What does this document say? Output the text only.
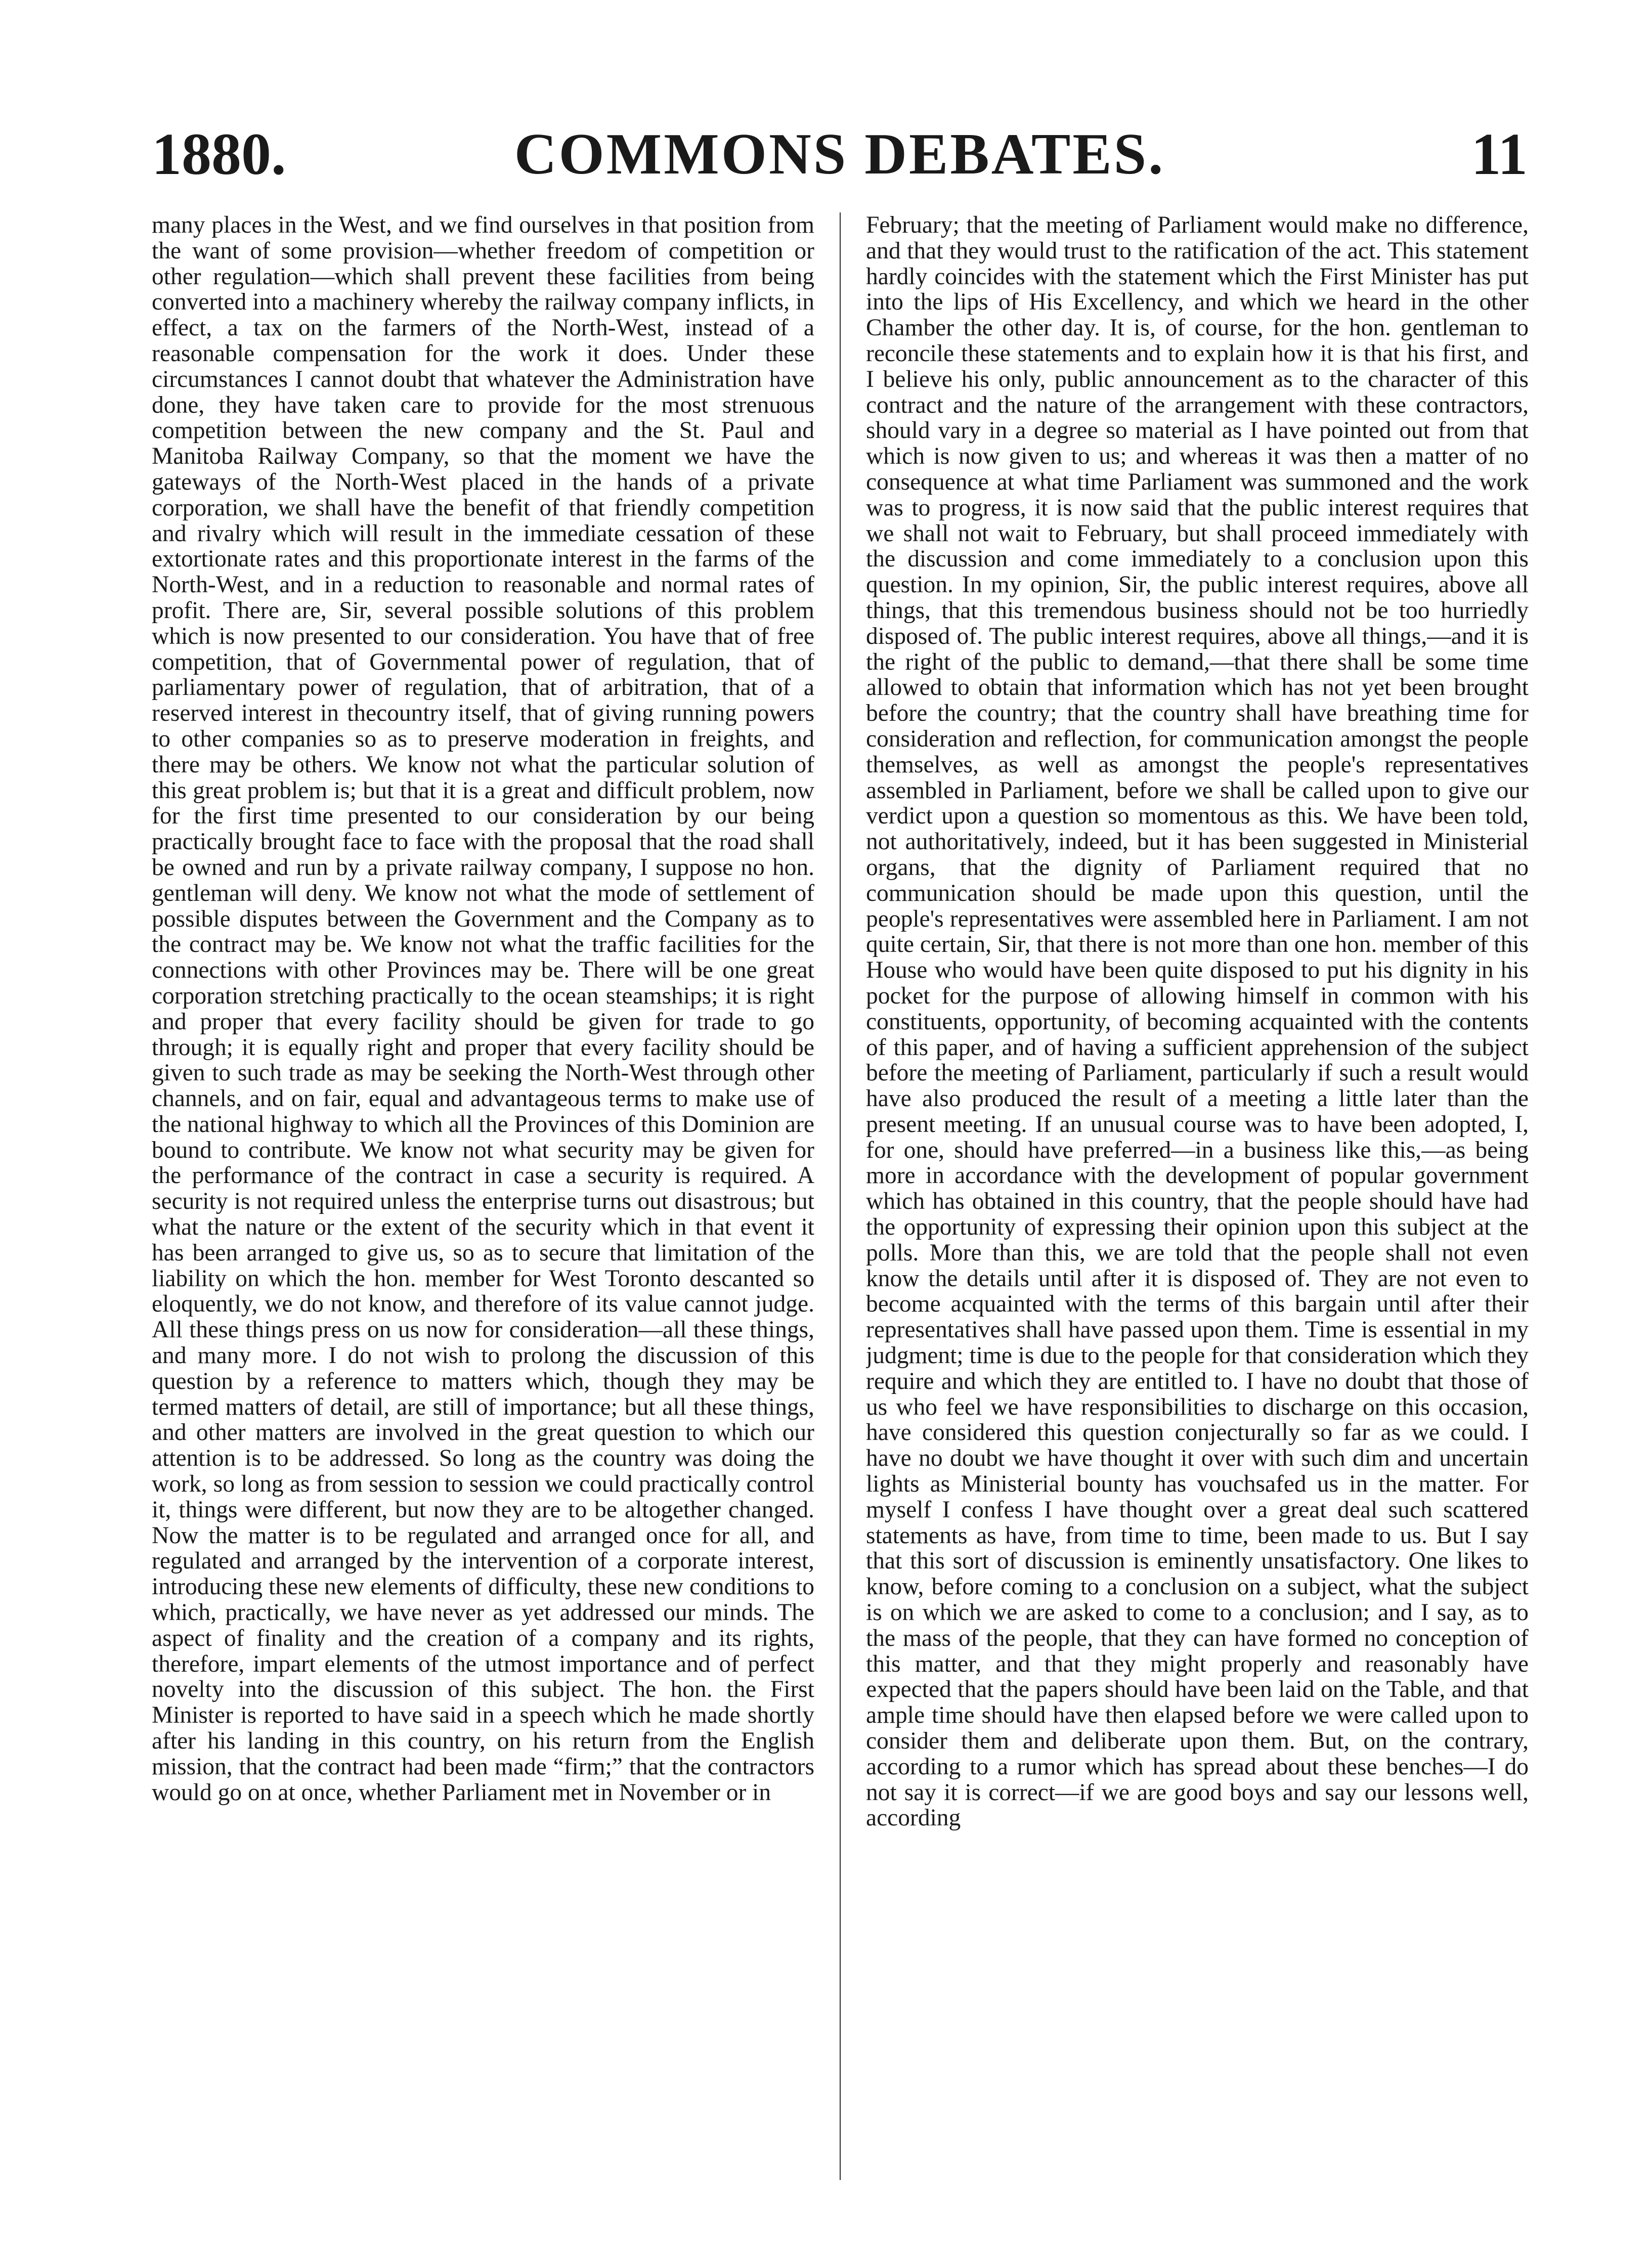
1880.	COMMONS DEBATES.	11

many places in the West, and we find ourselves in that position from the want of some provision—whether freedom of competition or other regulation—which shall prevent these facilities from being converted into a machinery whereby the railway company inflicts, in effect, a tax on the farmers of the North-West, instead of a reasonable compensation for the work it does. Under these circumstances I cannot doubt that whatever the Administration have done, they have taken care to provide for the most strenuous competition between the new company and the St. Paul and Manitoba Railway Company, so that the moment we have the gateways of the North-West placed in the hands of a private corporation, we shall have the benefit of that friendly competition and rivalry which will result in the immediate cessation of these extortionate rates and this proportionate interest in the farms of the North-West, and in a reduction to reasonable and normal rates of profit. There are, Sir, several possible solutions of this problem which is now presented to our consideration. You have that of free competition, that of Governmental power of regulation, that of parliamentary power of regulation, that of arbitration, that of a reserved interest in thecountry itself, that of giving running powers to other companies so as to preserve moderation in freights, and there may be others. We know not what the particular solution of this great problem is; but that it is a great and difficult problem, now for the first time presented to our consideration by our being practically brought face to face with the proposal that the road shall be owned and run by a private railway company, I suppose no hon. gentleman will deny. We know not what the mode of settlement of possible disputes between the Government and the Company as to the contract may be. We know not what the traffic facilities for the connections with other Provinces may be. There will be one great corporation stretching practically to the ocean steamships; it is right and proper that every facility should be given for trade to go through; it is equally right and proper that every facility should be given to such trade as may be seeking the North-West through other channels, and on fair, equal and advantageous terms to make use of the national highway to which all the Provinces of this Dominion are bound to contribute. We know not what security may be given for the performance of the contract in case a security is required. A security is not required unless the enterprise turns out disastrous; but what the nature or the extent of the security which in that event it has been arranged to give us, so as to secure that limitation of the liability on which the hon. member for West Toronto descanted so eloquently, we do not know, and therefore of its value cannot judge. All these things press on us now for consideration—all these things, and many more. I do not wish to prolong the discussion of this question by a reference to matters which, though they may be termed matters of detail, are still of importance; but all these things, and other matters are involved in the great question to which our attention is to be addressed. So long as the country was doing the work, so long as from session to session we could practically control it, things were different, but now they are to be altogether changed. Now the matter is to be regulated and arranged once for all, and regulated and arranged by the intervention of a corporate interest, introducing these new elements of difficulty, these new conditions to which, practically, we have never as yet addressed our minds. The aspect of finality and the creation of a company and its rights, therefore, impart elements of the utmost importance and of perfect novelty into the discussion of this subject. The hon. the First Minister is reported to have said in a speech which he made shortly after his landing in this country, on his return from the English mission, that the contract had been made “firm;” that the contractors would go on at once, whether Parliament met in November or in

February; that the meeting of Parliament would make no difference, and that they would trust to the ratification of the act. This statement hardly coincides with the statement which the First Minister has put into the lips of His Excellency, and which we heard in the other Chamber the other day. It is, of course, for the hon. gentleman to reconcile these statements and to explain how it is that his first, and I believe his only, public announcement as to the character of this contract and the nature of the arrangement with these contractors, should vary in a degree so material as I have pointed out from that which is now given to us; and whereas it was then a matter of no consequence at what time Parliament was summoned and the work was to progress, it is now said that the public interest requires that we shall not wait to February, but shall proceed immediately with the discussion and come immediately to a conclusion upon this question. In my opinion, Sir, the public interest requires, above all things, that this tremendous business should not be too hurriedly disposed of. The public interest requires, above all things,—and it is the right of the public to demand,—that there shall be some time allowed to obtain that information which has not yet been brought before the country; that the country shall have breathing time for consideration and reflection, for communication amongst the people themselves, as well as amongst the people's representatives assembled in Parliament, before we shall be called upon to give our verdict upon a question so momentous as this. We have been told, not authoritatively, indeed, but it has been suggested in Ministerial organs, that the dignity of Parliament required that no communication should be made upon this question, until the people's representatives were assembled here in Parliament. I am not quite certain, Sir, that there is not more than one hon. member of this House who would have been quite disposed to put his dignity in his pocket for the purpose of allowing himself in common with his constituents, opportunity, of becoming acquainted with the contents of this paper, and of having a sufficient apprehension of the subject before the meeting of Parliament, particularly if such a result would have also produced the result of a meeting a little later than the present meeting. If an unusual course was to have been adopted, I, for one, should have preferred—in a business like this,—as being more in accordance with the development of popular government which has obtained in this country, that the people should have had the opportunity of expressing their opinion upon this subject at the polls. More than this, we are told that the people shall not even know the details until after it is disposed of. They are not even to become acquainted with the terms of this bargain until after their representatives shall have passed upon them. Time is essential in my judgment; time is due to the people for that consideration which they require and which they are entitled to. I have no doubt that those of us who feel we have responsibilities to discharge on this occasion, have considered this question conjecturally so far as we could. I have no doubt we have thought it over with such dim and uncertain lights as Ministerial bounty has vouchsafed us in the matter. For myself I confess I have thought over a great deal such scattered statements as have, from time to time, been made to us. But I say that this sort of discussion is eminently unsatisfactory. One likes to know, before coming to a conclusion on a subject, what the subject is on which we are asked to come to a conclusion; and I say, as to the mass of the people, that they can have formed no conception of this matter, and that they might properly and reasonably have expected that the papers should have been laid on the Table, and that ample time should have then elapsed before we were called upon to consider them and deliberate upon them. But, on the contrary, according to a rumor which has spread about these benches—I do not say it is correct—if we are good boys and say our lessons well, according
